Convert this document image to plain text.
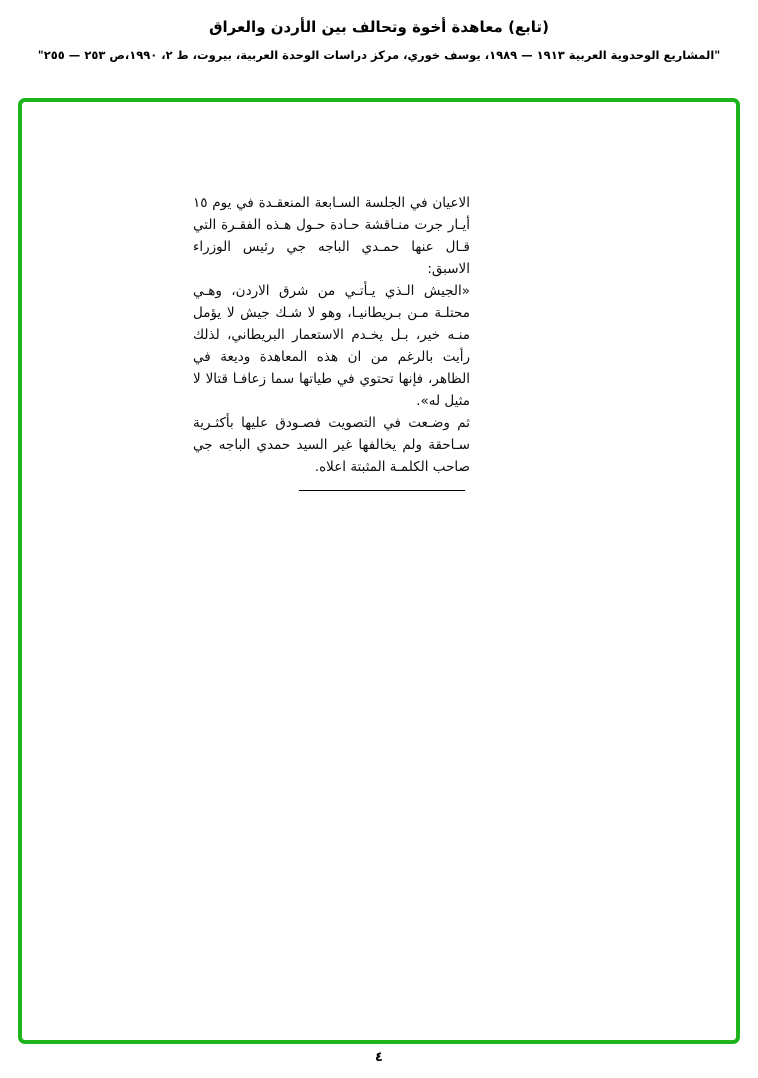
(تابع) معاهدة أخوة وتحالف بين الأردن والعراق
"المشاريع الوحدوية العربية ١٩١٣ — ١٩٨٩، يوسف خوري، مركز دراسات الوحدة العربية، بيروت، ط ٢، ١٩٩٠،ص ٢٥٣ — ٢٥٥"

الاعيان في الجلسة السـابعة المنعقـدة في يوم ١٥ أيـار جرت منـاقشة حـادة حـول هـذه الفقـرة التي قـال عنها حمـدي الباجه جي رئيس الوزراء الاسبق:

«الجيش الـذي يـأتـي من شرق الاردن، وهـي محتلـة مـن بـريطانيـا، وهو لا شـك جيش لا يؤمل منـه خير، بـل يخـدم الاستعمار البريطاني، لذلك رأيت بالرغم من ان هذه المعاهدة وديعة في الظاهر، فإنها تحتوي في طياتها سما زعافـا قتالا لا مثيل له».

ثم وضـعت في التصويت فصـودق عليها بأكثـرية سـاحقة ولم يخالفها غير السيد حمدي الباجه جي صاحب الكلمـة المثبتة اعلاه.

٤
